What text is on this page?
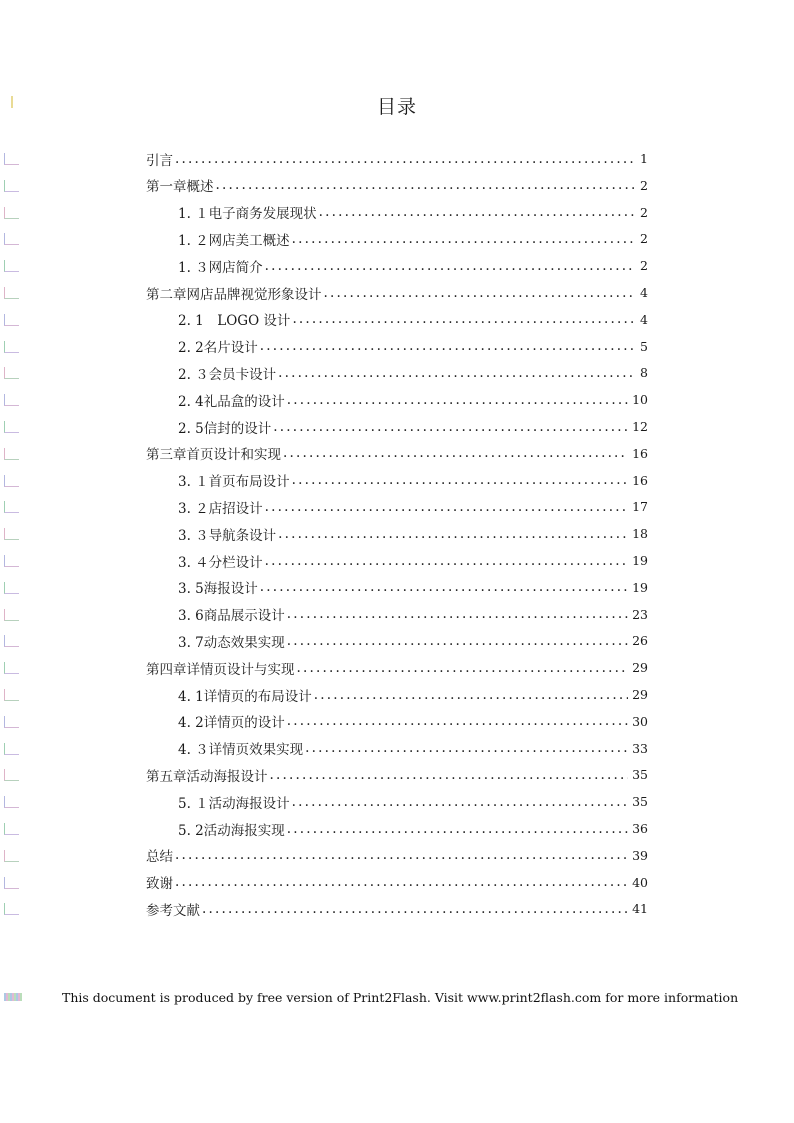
目录
引言 .....	1
第一章概述 .....	2
1. １电子商务发展现状 .....	2
1. ２网店美工概述 .....	2
1. ３网店简介 .....	2
第二章网店品牌视觉形象设计 .....	4
2. 1　LOGO 设计 .....	4
2. 2名片设计 .....	5
2. ３会员卡设计 .....	8
2. 4礼品盒的设计 .....	10
2. 5信封的设计 .....	12
第三章首页设计和实现 .....	16
3. １首页布局设计 .....	16
3. ２店招设计 .....	17
3. ３导航条设计 .....	18
3. ４分栏设计 .....	19
3. 5海报设计 .....	19
3. 6商品展示设计 .....	23
3. 7动态效果实现 .....	26
第四章详情页设计与实现 .....	29
4. 1详情页的布局设计 .....	29
4. 2详情页的设计 .....	30
4. ３详情页效果实现 .....	33
第五章活动海报设计 .....	35
5. １活动海报设计 .....	35
5. 2活动海报实现 .....	36
总结 .....	39
致谢 .....	40
参考文献 .....	41
This document is produced by free version of Print2Flash. Visit www.print2flash.com for more information
